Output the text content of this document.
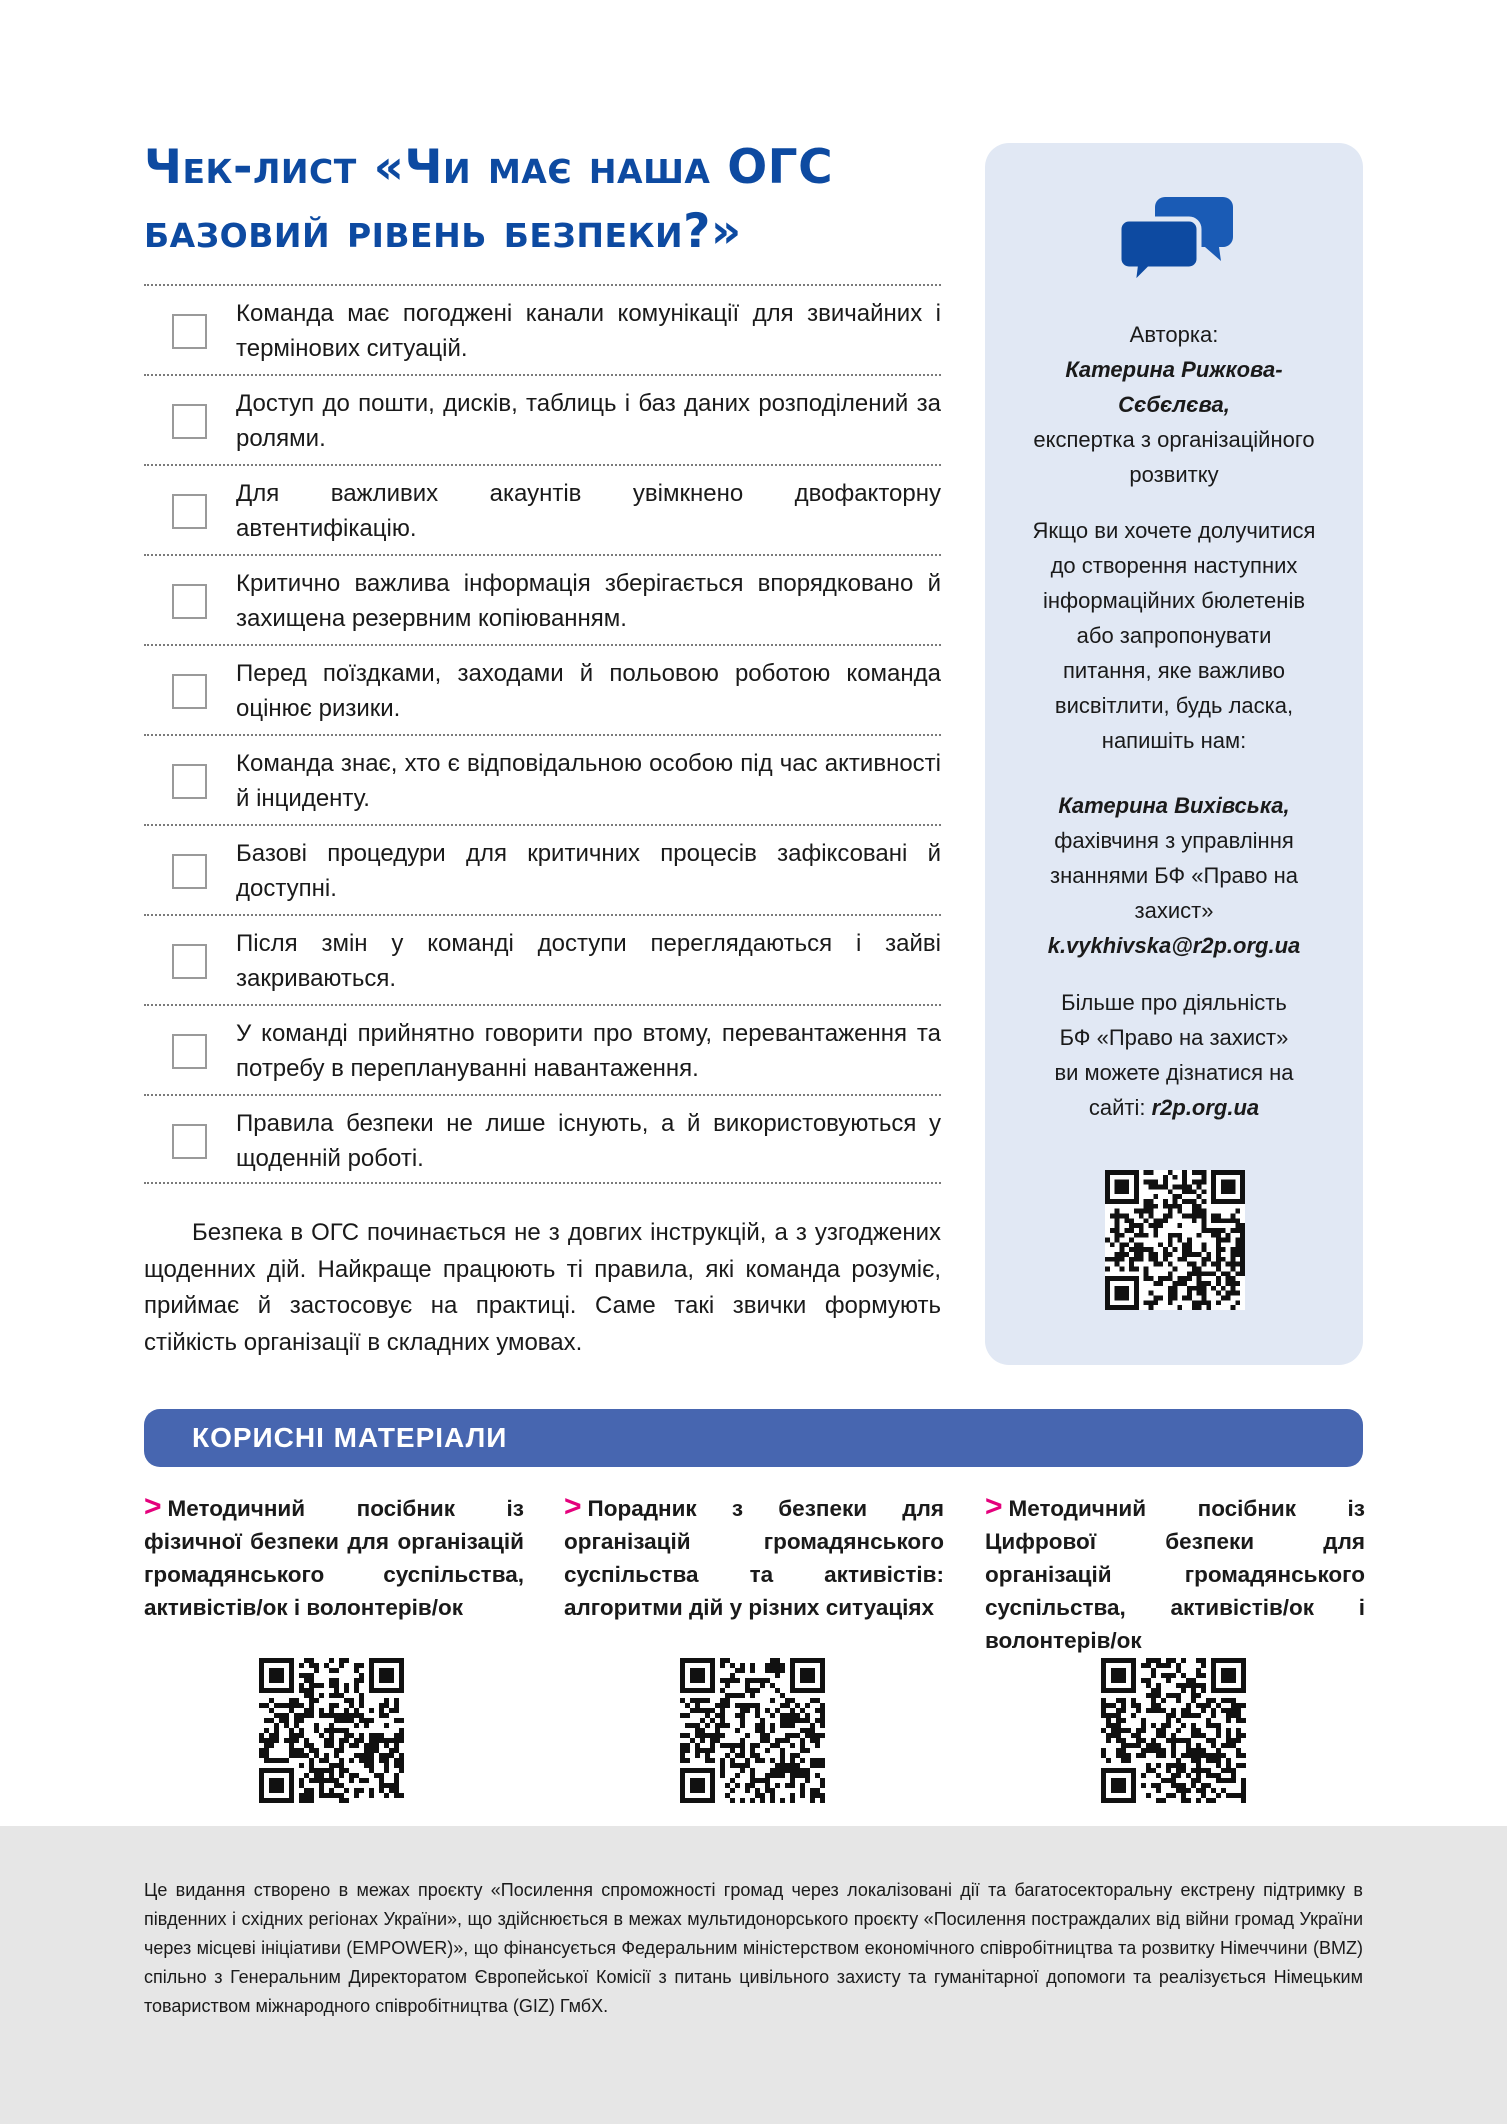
Чек-лист «Чи має наша ОГС
базовий рівень безпеки?»
Команда має погоджені канали комунікації для звичайних і термінових ситуацій.
Доступ до пошти, дисків, таблиць і баз даних розподілений за ролями.
Для важливих акаунтів увімкнено двофакторну автентифікацію.
Критично важлива інформація зберігається впорядковано й захищена резервним копіюванням.
Перед поїздками, заходами й польовою роботою команда оцінює ризики.
Команда знає, хто є відповідальною особою під час активності й інциденту.
Базові процедури для критичних процесів зафіксовані й доступні.
Після змін у команді доступи переглядаються і зайві закриваються.
У команді прийнятно говорити про втому, перевантаження та потребу в переплануванні навантаження.
Правила безпеки не лише існують, а й використовуються у щоденній роботі.

Безпека в ОГС починається не з довгих інструкцій, а з узгоджених щоденних дій. Найкраще працюють ті правила, які команда розуміє, приймає й застосовує на практиці. Саме такі звички формують стійкість організації в складних умовах.

Авторка:
Катерина Рижкова-Сєбєлєва,
експертка з організаційного розвитку
Якщо ви хочете долучитися до створення наступних інформаційних бюлетенів або запропонувати питання, яке важливо висвітлити, будь ласка, напишіть нам:
Катерина Вихівська,
фахівчиня з управління знаннями БФ «Право на захист»
k.vykhivska@r2p.org.ua
Більше про діяльність БФ «Право на захист» ви можете дізнатися на сайті: r2p.org.ua
КОРИСНІ МАТЕРІАЛИ
> Методичний посібник із фізичної безпеки для організацій громадянського суспільства, активістів/ок і волонтерів/ок
> Порадник з безпеки для організацій громадянського суспільства та активістів: алгоритми дій у різних ситуаціях
> Методичний посібник із Цифрової безпеки для організацій громадянського суспільства, активістів/ок і волонтерів/ок

Це видання створено в межах проєкту «Посилення спроможності громад через локалізовані дії та багатосекторальну екстрену підтримку в південних і східних регіонах України», що здійснюється в межах мультидонорського проєкту «Посилення постраждалих від війни громад України через місцеві ініціативи (EMPOWER)», що фінансується Федеральним міністерством економічного співробітництва та розвитку Німеччини (BMZ) спільно з Генеральним Директоратом Європейської Комісії з питань цивільного захисту та гуманітарної допомоги та реалізується Німецьким товариством міжнародного співробітництва (GIZ) ГмбХ.
